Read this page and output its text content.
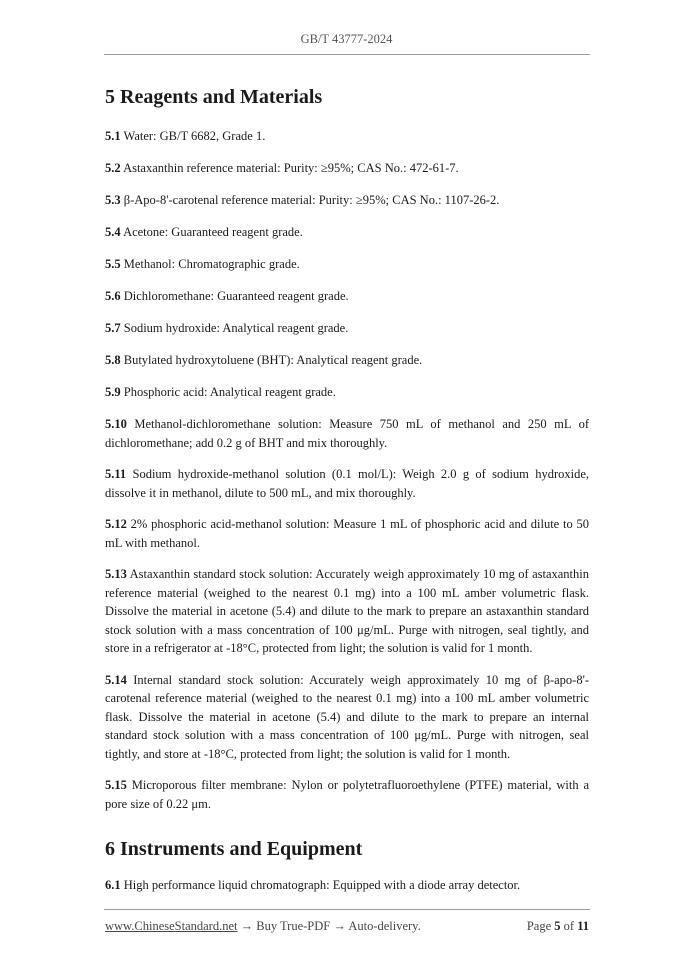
GB/T 43777-2024
5 Reagents and Materials

5.1 Water: GB/T 6682, Grade 1.

5.2 Astaxanthin reference material: Purity: ≥95%; CAS No.: 472-61-7.

5.3 β-Apo-8'-carotenal reference material: Purity: ≥95%; CAS No.: 1107-26-2.

5.4 Acetone: Guaranteed reagent grade.

5.5 Methanol: Chromatographic grade.

5.6 Dichloromethane: Guaranteed reagent grade.

5.7 Sodium hydroxide: Analytical reagent grade.

5.8 Butylated hydroxytoluene (BHT): Analytical reagent grade.

5.9 Phosphoric acid: Analytical reagent grade.

5.10 Methanol-dichloromethane solution: Measure 750 mL of methanol and 250 mL of dichloromethane; add 0.2 g of BHT and mix thoroughly.

5.11 Sodium hydroxide-methanol solution (0.1 mol/L): Weigh 2.0 g of sodium hydroxide, dissolve it in methanol, dilute to 500 mL, and mix thoroughly.

5.12 2% phosphoric acid-methanol solution: Measure 1 mL of phosphoric acid and dilute to 50 mL with methanol.

5.13 Astaxanthin standard stock solution: Accurately weigh approximately 10 mg of astaxanthin reference material (weighed to the nearest 0.1 mg) into a 100 mL amber volumetric flask. Dissolve the material in acetone (5.4) and dilute to the mark to prepare an astaxanthin standard stock solution with a mass concentration of 100 μg/mL. Purge with nitrogen, seal tightly, and store in a refrigerator at -18°C, protected from light; the solution is valid for 1 month.

5.14 Internal standard stock solution: Accurately weigh approximately 10 mg of β-apo-8'-carotenal reference material (weighed to the nearest 0.1 mg) into a 100 mL amber volumetric flask. Dissolve the material in acetone (5.4) and dilute to the mark to prepare an internal standard stock solution with a mass concentration of 100 μg/mL. Purge with nitrogen, seal tightly, and store at -18°C, protected from light; the solution is valid for 1 month.

5.15 Microporous filter membrane: Nylon or polytetrafluoroethylene (PTFE) material, with a pore size of 0.22 μm.

6 Instruments and Equipment

6.1 High performance liquid chromatograph: Equipped with a diode array detector.

www.ChineseStandard.net → Buy True-PDF → Auto-delivery.	Page 5 of 11
